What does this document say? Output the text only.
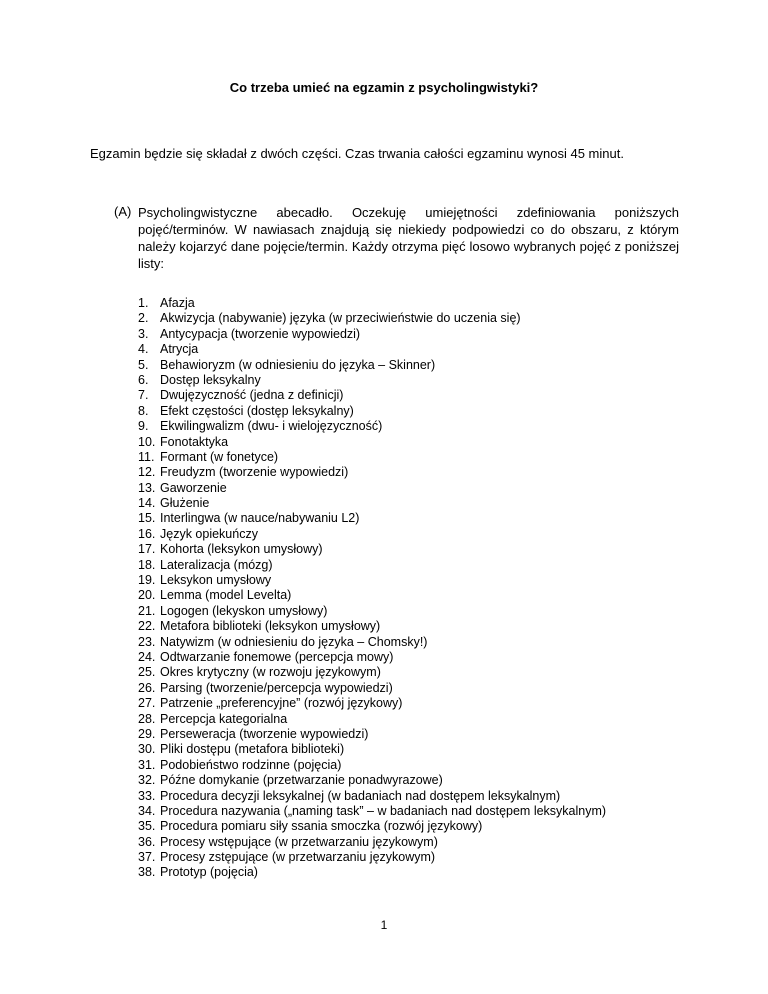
Co trzeba umieć na egzamin z psycholingwistyki?
Egzamin będzie się składał z dwóch części. Czas trwania całości egzaminu wynosi 45 minut.
(A) Psycholingwistyczne abecadło. Oczekuję umiejętności zdefiniowania poniższych pojęć/terminów. W nawiasach znajdują się niekiedy podpowiedzi co do obszaru, z którym należy kojarzyć dane pojęcie/termin. Każdy otrzyma pięć losowo wybranych pojęć z poniższej listy:
1. Afazja
2. Akwizycja (nabywanie) języka (w przeciwieństwie do uczenia się)
3. Antycypacja (tworzenie wypowiedzi)
4. Atrycja
5. Behawioryzm (w odniesieniu do języka – Skinner)
6. Dostęp leksykalny
7. Dwujęzyczność (jedna z definicji)
8. Efekt częstości (dostęp leksykalny)
9. Ekwilingwalizm (dwu- i wielojęzyczność)
10. Fonotaktyka
11. Formant (w fonetyce)
12. Freudyzm (tworzenie wypowiedzi)
13. Gaworzenie
14. Głużenie
15. Interlingwa (w nauce/nabywaniu L2)
16. Język opiekuńczy
17. Kohorta (leksykon umysłowy)
18. Lateralizacja (mózg)
19. Leksykon umysłowy
20. Lemma (model Levelta)
21. Logogen (lekyskon umysłowy)
22. Metafora biblioteki (leksykon umysłowy)
23. Natywizm (w odniesieniu do języka – Chomsky!)
24. Odtwarzanie fonemowe (percepcja mowy)
25. Okres krytyczny (w rozwoju językowym)
26. Parsing (tworzenie/percepcja wypowiedzi)
27. Patrzenie „preferencyjne” (rozwój językowy)
28. Percepcja kategorialna
29. Perseweracja (tworzenie wypowiedzi)
30. Pliki dostępu (metafora biblioteki)
31. Podobieństwo rodzinne (pojęcia)
32. Późne domykanie (przetwarzanie ponadwyrazowe)
33. Procedura decyzji leksykalnej (w badaniach nad dostępem leksykalnym)
34. Procedura nazywania („naming task” – w badaniach nad dostępem leksykalnym)
35. Procedura pomiaru siły ssania smoczka (rozwój językowy)
36. Procesy wstępujące (w przetwarzaniu językowym)
37. Procesy zstępujące (w przetwarzaniu językowym)
38. Prototyp (pojęcia)
1
